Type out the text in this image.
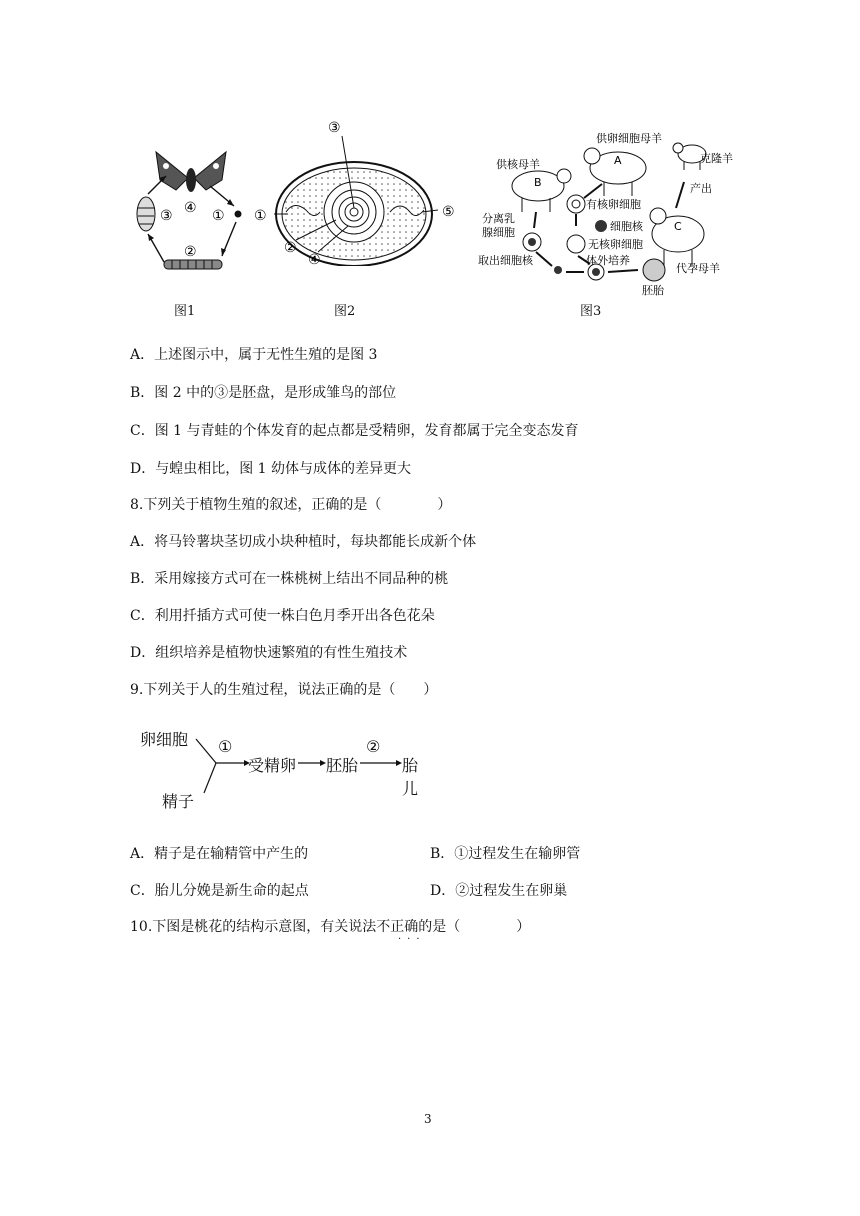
④
③	①
②
图1
③
①	⑤
②
④
图2
供卵细胞母羊
克隆羊
供核母羊	A
B
C
产出
有核卵细胞
细胞核
分离乳
腺细胞
无核卵细胞
取出细胞核	体外培养
代孕母羊
胚胎
图3
A．上述图示中，属于无性生殖的是图 3
B．图 2 中的③是胚盘，是形成雏鸟的部位
C．图 1 与青蛙的个体发育的起点都是受精卵，发育都属于完全变态发育
D．与蝗虫相比，图 1 幼体与成体的差异更大
8.下列关于植物生殖的叙述，正确的是（　　　　）
A．将马铃薯块茎切成小块种植时，每块都能长成新个体
B．采用嫁接方式可在一株桃树上结出不同品种的桃
C．利用扦插方式可使一株白色月季开出各色花朵
D．组织培养是植物快速繁殖的有性生殖技术
9.下列关于人的生殖过程，说法正确的是（　　）
卵细胞
精子
①
受精卵 胚胎
②
胎儿
A．精子是在输精管中产生的	B．①过程发生在输卵管
C．胎儿分娩是新生命的起点	D．②过程发生在卵巢
10.下图是桃花的结构示意图，有关说法不正确的是（　　　　）
···
3
